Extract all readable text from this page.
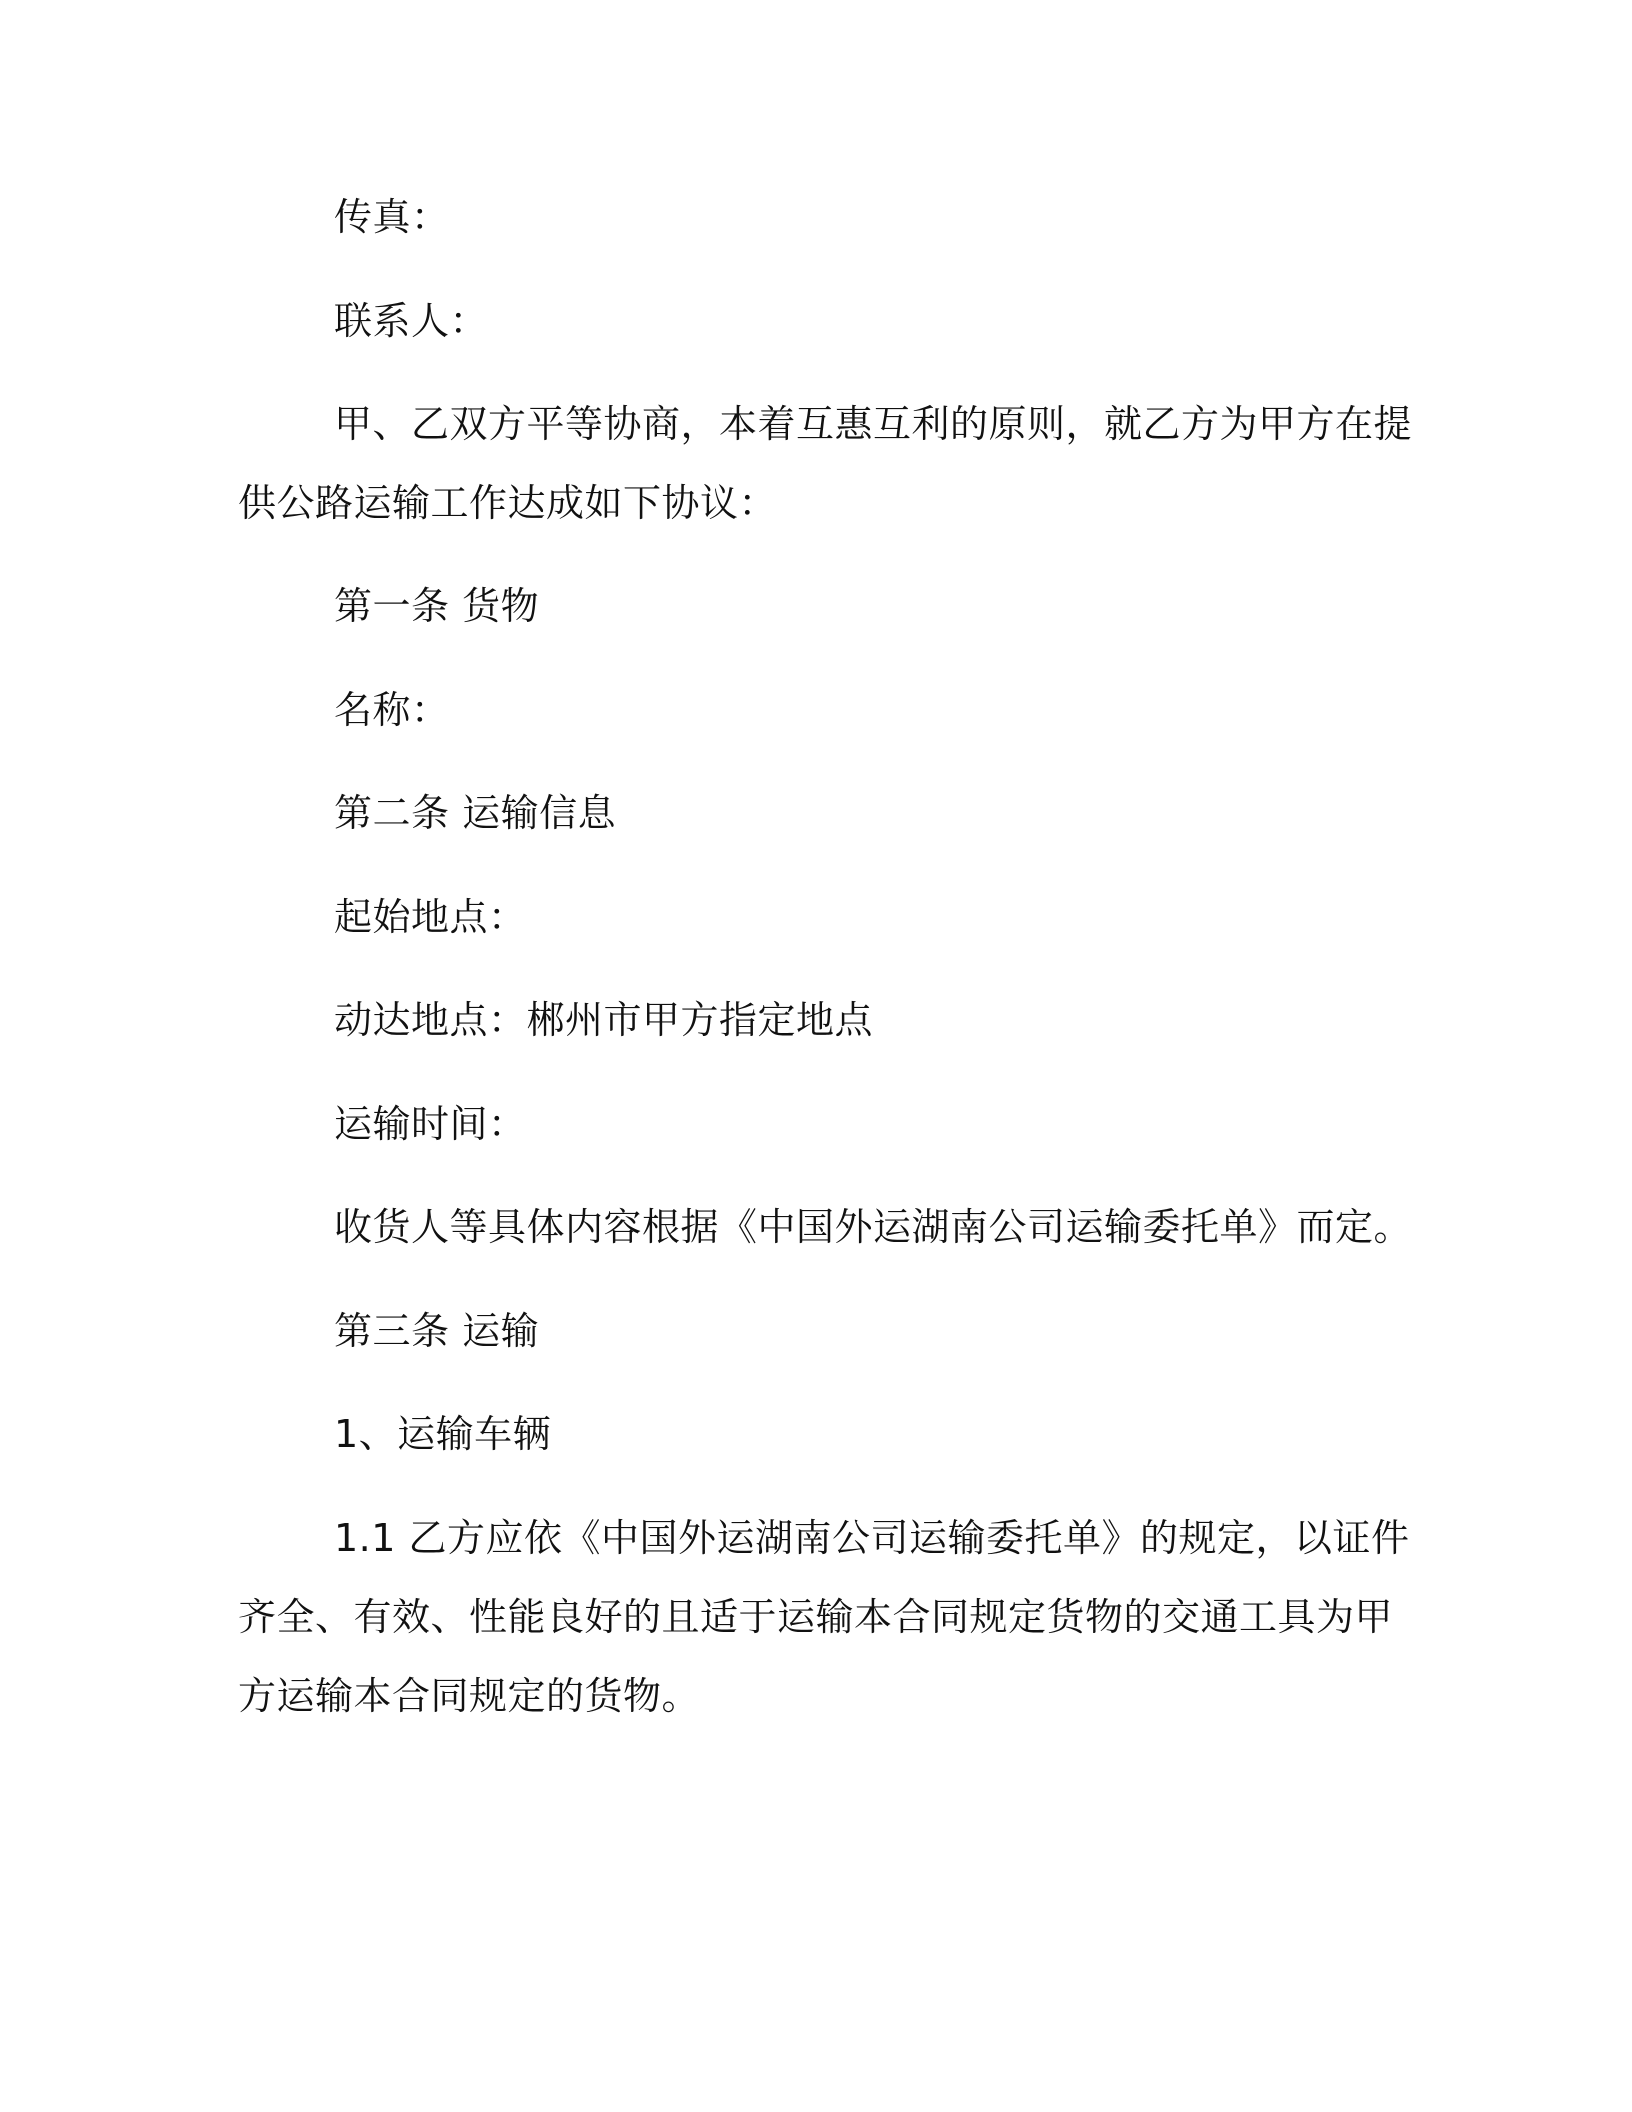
传真：
联系人：
甲、乙双方平等协商，本着互惠互利的原则，就乙方为甲方在提
供公路运输工作达成如下协议：
第一条 货物
名称：
第二条 运输信息
起始地点：
动达地点：郴州市甲方指定地点
运输时间：
收货人等具体内容根据《中国外运湖南公司运输委托单》而定。
第三条 运输
1、运输车辆
1.1 乙方应依《中国外运湖南公司运输委托单》的规定，以证件
齐全、有效、性能良好的且适于运输本合同规定货物的交通工具为甲
方运输本合同规定的货物。
